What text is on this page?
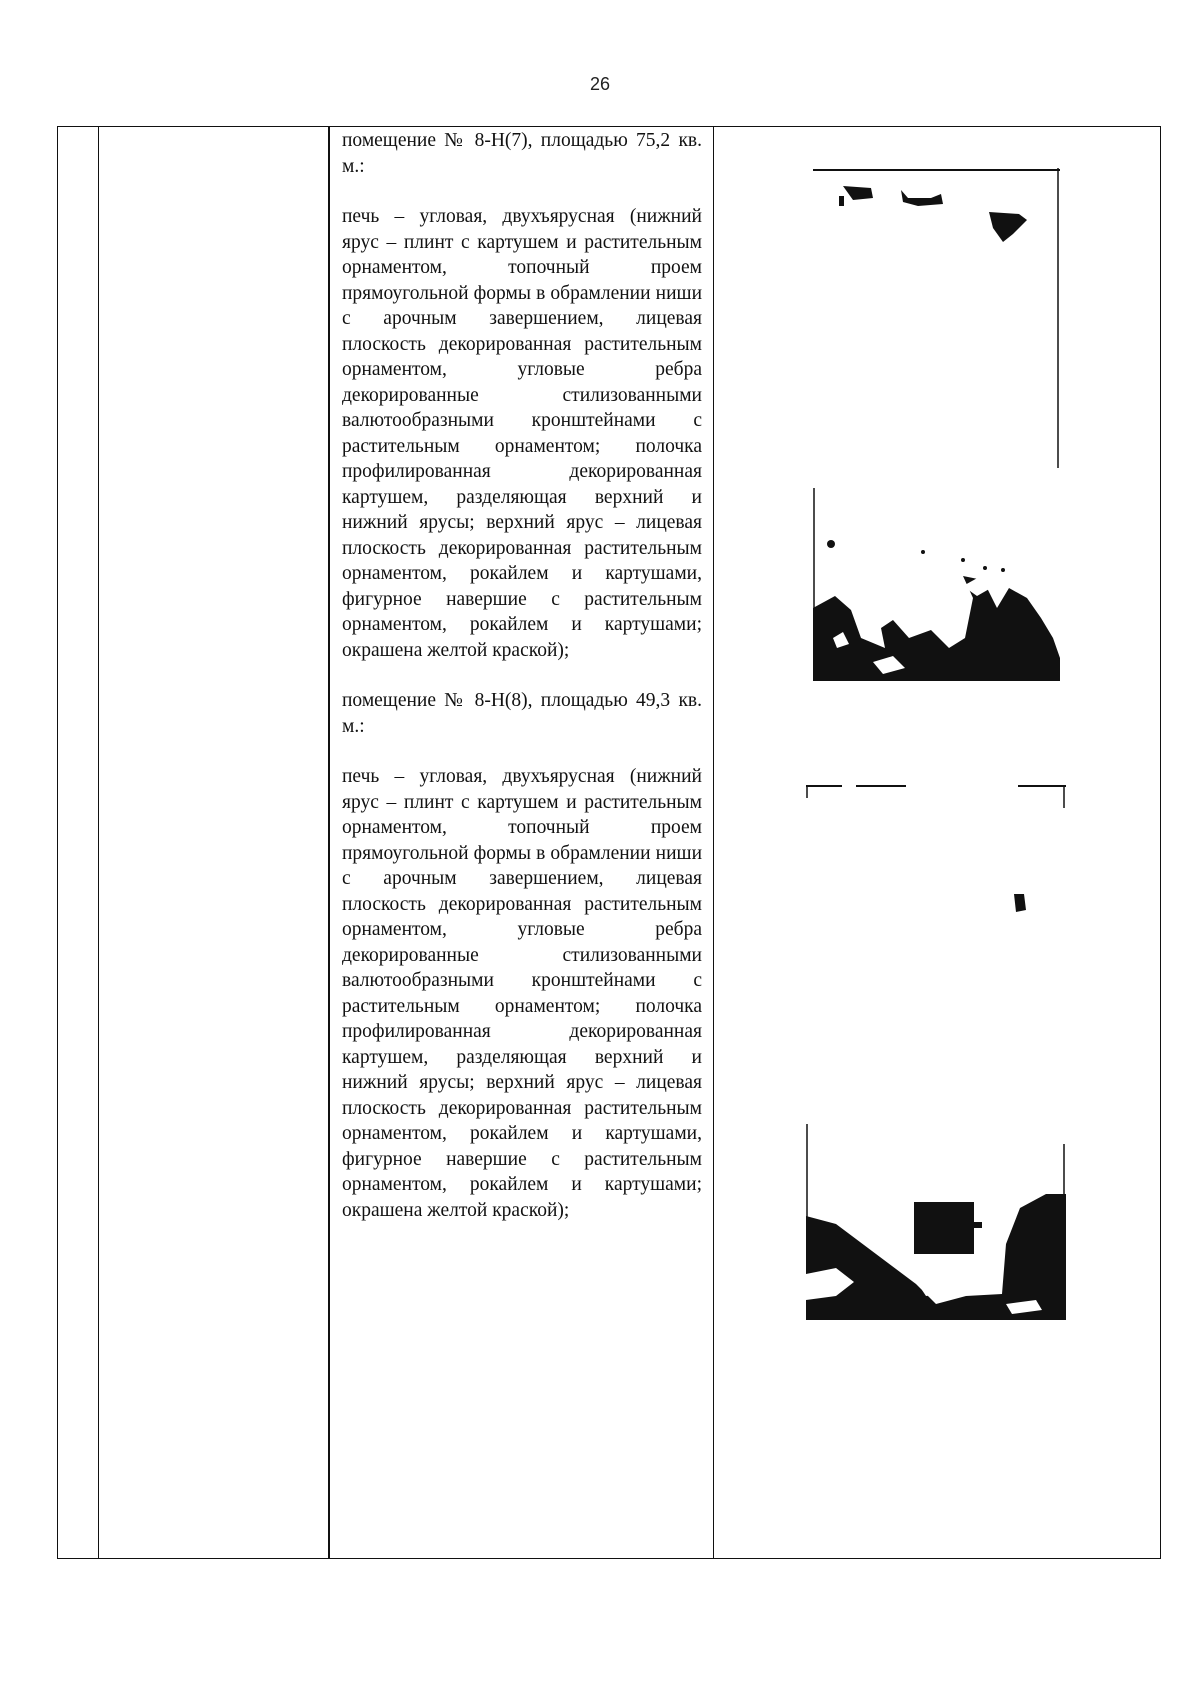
26

помещение № 8-Н(7), площадью 75,2 кв. м.:

печь – угловая, двухъярусная (нижний ярус – плинт с картушем и растительным орнаментом, топочный проем прямоугольной формы в обрамлении ниши с арочным завершением, лицевая плоскость декорированная растительным орнаментом, угловые ребра декорированные стилизованными валютообразными кронштейнами с растительным орнаментом; полочка профилированная декорированная картушем, разделяющая верхний и нижний ярусы; верхний ярус – лицевая плоскость декорированная растительным орнаментом, рокайлем и картушами, фигурное навершие с растительным орнаментом, рокайлем и картушами; окрашена желтой краской);

помещение № 8-Н(8), площадью 49,3 кв. м.:

печь – угловая, двухъярусная (нижний ярус – плинт с картушем и растительным орнаментом, топочный проем прямоугольной формы в обрамлении ниши с арочным завершением, лицевая плоскость декорированная растительным орнаментом, угловые ребра декорированные стилизованными валютообразными кронштейнами с растительным орнаментом; полочка профилированная декорированная картушем, разделяющая верхний и нижний ярусы; верхний ярус – лицевая плоскость декорированная растительным орнаментом, рокайлем и картушами, фигурное навершие с растительным орнаментом, рокайлем и картушами; окрашена желтой краской);
